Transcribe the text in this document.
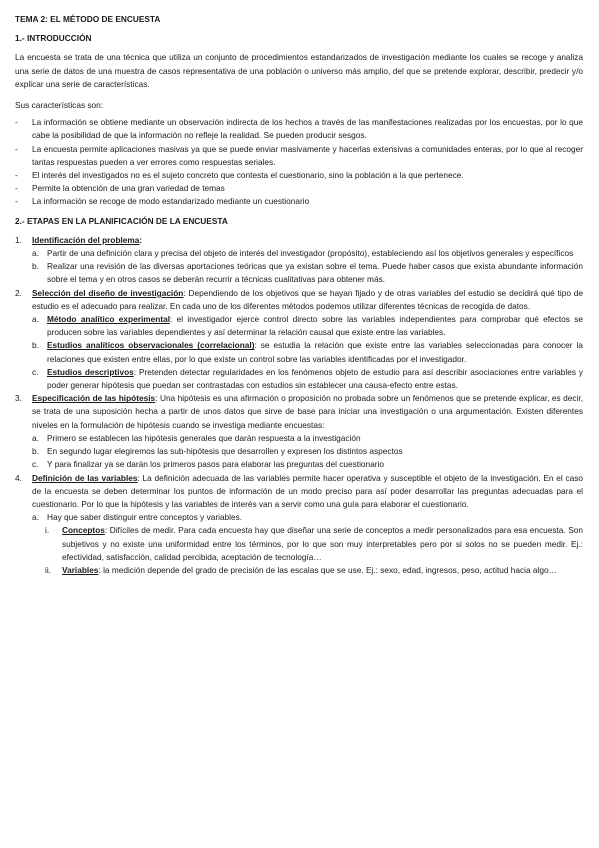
TEMA 2: EL MÉTODO DE ENCUESTA

1.- INTRODUCCIÓN

La encuesta se trata de una técnica que utiliza un conjunto de procedimientos estandarizados de investigación mediante los cuales se recoge y analiza una serie de datos de una muestra de casos representativa de una población o universo más amplio, del que se pretende explorar, describir, predecir y/o explicar una serie de características.

Sus características son:

- La información se obtiene mediante un observación indirecta de los hechos a través de las manifestaciones realizadas por los encuestas, por lo que cabe la posibilidad de que la información no refleje la realidad. Se pueden producir sesgos.

- La encuesta permite aplicaciones masivas ya que se puede enviar masivamente y hacerlas extensivas a comunidades enteras, por lo que al recoger tantas respuestas pueden a ver errores como respuestas seriales.

- El interés del investigados no es el sujeto concreto que contesta el cuestionario, sino la población a la que pertenece.

- Permite la obtención de una gran variedad de temas

- La información se recoge de modo estandarizado mediante un cuestionario

2.- ETAPAS EN LA PLANIFICACIÓN DE LA ENCUESTA

1. Identificación del problema:

a. Partir de una definición clara y precisa del objeto de interés del investigador (propósito), estableciendo así los objetivos generales y específicos

b. Realizar una revisión de las diversas aportaciones teóricas que ya existan sobre el tema. Puede haber casos que exista abundante información sobre el tema y en otros casos se deberán recurrir a técnicas cualitativas para obtener más.

2. Selección del diseño de investigación: Dependiendo de los objetivos que se hayan fijado y de otras variables del estudio se decidirá qué tipo de estudio es el adecuado para realizar. En cada uno de los diferentes métodos podemos utilizar diferentes técnicas de recogida de datos.

a. Método analítico experimental: el investigador ejerce control directo sobre las variables independientes para comprobar qué efectos se producen sobre las variables dependientes y así determinar la relación causal que existe entre las variables.

b. Estudios analíticos observacionales (correlacional): se estudia la relación que existe entre las variables seleccionadas para conocer la relaciones que existen entre ellas, por lo que existe un control sobre las variables identificadas por el investigador.

c. Estudios descriptivos: Pretenden detectar regularidades en los fenómenos objeto de estudio para así describir asociaciones entre variables y poder generar hipótesis que puedan ser contrastadas con estudios sin establecer una causa-efecto entre estas.

3. Especificación de las hipótesis: Una hipótesis es una afirmación o proposición no probada sobre un fenómenos que se pretende explicar, es decir, se trata de una suposición hecha a partir de unos datos que sirve de base para iniciar una investigación o una argumentación. Existen diferentes niveles en la formulación de hipótesis cuando se investiga mediante encuestas:

a. Primero se establecen las hipótesis generales que darán respuesta a la investigación

b. En segundo lugar elegiremos las sub-hipótesis que desarrollen y expresen los distintos aspectos

c. Y para finalizar ya se darán los primeros pasos para elaborar las preguntas del cuestionario

4. Definición de las variables: La definición adecuada de las variables permite hacer operativa y susceptible el objeto de la investigación. En el caso de la encuesta se deben determinar los puntos de información de un modo preciso para así poder desarrollar las preguntas adecuadas para el cuestionario. Por lo que la hipótesis y las variables de interés van a servir como una guía para elaborar el cuestionario.

a. Hay que saber distinguir entre conceptos y variables.

i. Conceptos: Difíciles de medir. Para cada encuesta hay que diseñar una serie de conceptos a medir personalizados para esa encuesta. Son subjetivos y no existe una uniformidad entre los términos, por lo que son muy interpretables pero por si solos no se pueden medir. Ej.: efectividad, satisfacción, calidad percibida, aceptación de tecnología…

ii. Variables: la medición depende del grado de precisión de las escalas que se use. Ej.: sexo, edad, ingresos, peso, actitud hacia algo…
